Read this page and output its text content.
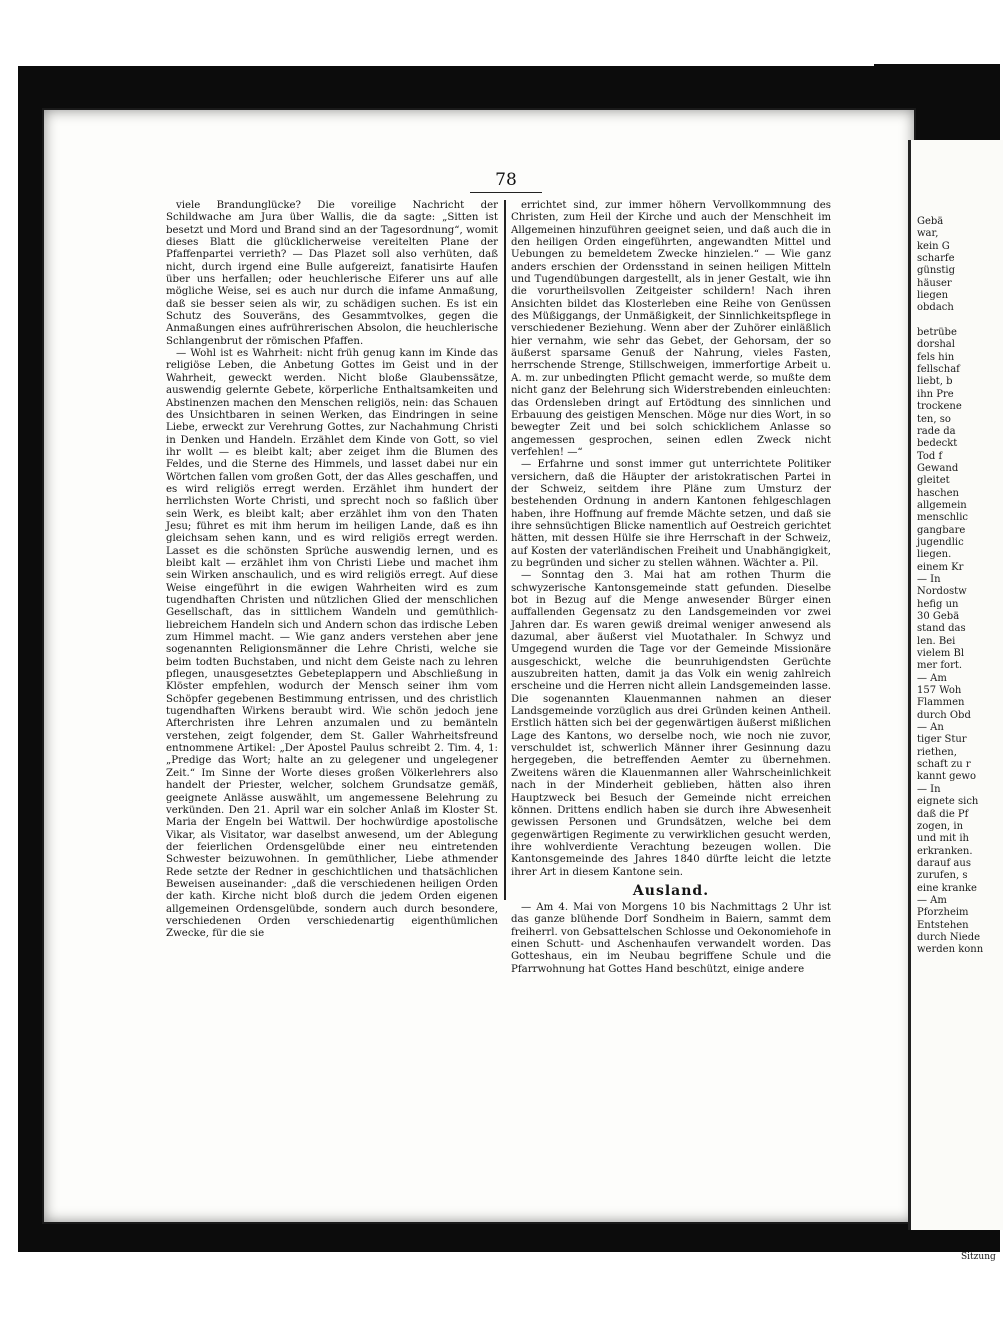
78

viele Brandunglücke? Die voreilige Nachricht der Schildwache am Jura über Wallis, die da sagte: „Sitten ist besetzt und Mord und Brand sind an der Tagesordnung“, womit dieses Blatt die glücklicherweise vereitelten Plane der Pfaffenpartei verrieth? — Das Plazet soll also verhüten, daß nicht, durch irgend eine Bulle aufgereizt, fanatisirte Haufen über uns herfallen; oder heuchlerische Eiferer uns auf alle mögliche Weise, sei es auch nur durch die infame Anmaßung, daß sie besser seien als wir, zu schädigen suchen. Es ist ein Schutz des Souveräns, des Gesammtvolkes, gegen die Anmaßungen eines aufrührerischen Absolon, die heuchlerische Schlangenbrut der römischen Pfaffen.

— Wohl ist es Wahrheit: nicht früh genug kann im Kinde das religiöse Leben, die Anbetung Gottes im Geist und in der Wahrheit, geweckt werden. Nicht bloße Glaubenssätze, auswendig gelernte Gebete, körperliche Enthaltsamkeiten und Abstinenzen machen den Menschen religiös, nein: das Schauen des Unsichtbaren in seinen Werken, das Eindringen in seine Liebe, erweckt zur Verehrung Gottes, zur Nachahmung Christi in Denken und Handeln. Erzählet dem Kinde von Gott, so viel ihr wollt — es bleibt kalt; aber zeiget ihm die Blumen des Feldes, und die Sterne des Himmels, und lasset dabei nur ein Wörtchen fallen vom großen Gott, der das Alles geschaffen, und es wird religiös erregt werden. Erzählet ihm hundert der herrlichsten Worte Christi, und sprecht noch so faßlich über sein Werk, es bleibt kalt; aber erzählet ihm von den Thaten Jesu; führet es mit ihm herum im heiligen Lande, daß es ihn gleichsam sehen kann, und es wird religiös erregt werden. Lasset es die schönsten Sprüche auswendig lernen, und es bleibt kalt — erzählet ihm von Christi Liebe und machet ihm sein Wirken anschaulich, und es wird religiös erregt. Auf diese Weise eingeführt in die ewigen Wahrheiten wird es zum tugendhaften Christen und nützlichen Glied der menschlichen Gesellschaft, das in sittlichem Wandeln und gemüthlich-liebreichem Handeln sich und Andern schon das irdische Leben zum Himmel macht. — Wie ganz anders verstehen aber jene sogenannten Religionsmänner die Lehre Christi, welche sie beim todten Buchstaben, und nicht dem Geiste nach zu lehren pflegen, unausgesetztes Gebeteplappern und Abschließung in Klöster empfehlen, wodurch der Mensch seiner ihm vom Schöpfer gegebenen Bestimmung entrissen, und des christlich tugendhaften Wirkens beraubt wird. Wie schön jedoch jene Afterchristen ihre Lehren anzumalen und zu bemänteln verstehen, zeigt folgender, dem St. Galler Wahrheitsfreund entnommene Artikel: „Der Apostel Paulus schreibt 2. Tim. 4, 1: „Predige das Wort; halte an zu gelegener und ungelegener Zeit.“ Im Sinne der Worte dieses großen Völkerlehrers also handelt der Priester, welcher, solchem Grundsatze gemäß, geeignete Anlässe auswählt, um angemessene Belehrung zu verkünden. Den 21. April war ein solcher Anlaß im Kloster St. Maria der Engeln bei Wattwil. Der hochwürdige apostolische Vikar, als Visitator, war daselbst anwesend, um der Ablegung der feierlichen Ordensgelübde einer neu eintretenden Schwester beizuwohnen. In gemüthlicher, Liebe athmender Rede setzte der Redner in geschichtlichen und thatsächlichen Beweisen auseinander: „daß die verschiedenen heiligen Orden der kath. Kirche nicht bloß durch die jedem Orden eigenen allgemeinen Ordensgelübde, sondern auch durch besondere, verschiedenen Orden verschiedenartig eigenthümlichen Zwecke, für die sie

errichtet sind, zur immer höhern Vervollkommnung des Christen, zum Heil der Kirche und auch der Menschheit im Allgemeinen hinzuführen geeignet seien, und daß auch die in den heiligen Orden eingeführten, angewandten Mittel und Uebungen zu bemeldetem Zwecke hinzielen.“ — Wie ganz anders erschien der Ordensstand in seinen heiligen Mitteln und Tugendübungen dargestellt, als in jener Gestalt, wie ihn die vorurtheilsvollen Zeitgeister schildern! Nach ihren Ansichten bildet das Klosterleben eine Reihe von Genüssen des Müßiggangs, der Unmäßigkeit, der Sinnlichkeitspflege in verschiedener Beziehung. Wenn aber der Zuhörer einläßlich hier vernahm, wie sehr das Gebet, der Gehorsam, der so äußerst sparsame Genuß der Nahrung, vieles Fasten, herrschende Strenge, Stillschweigen, immerfortige Arbeit u. A. m. zur unbedingten Pflicht gemacht werde, so mußte dem nicht ganz der Belehrung sich Widerstrebenden einleuchten: das Ordensleben dringt auf Ertödtung des sinnlichen und Erbauung des geistigen Menschen. Möge nur dies Wort, in so bewegter Zeit und bei solch schicklichem Anlasse so angemessen gesprochen, seinen edlen Zweck nicht verfehlen! —“

— Erfahrne und sonst immer gut unterrichtete Politiker versichern, daß die Häupter der aristokratischen Partei in der Schweiz, seitdem ihre Pläne zum Umsturz der bestehenden Ordnung in andern Kantonen fehlgeschlagen haben, ihre Hoffnung auf fremde Mächte setzen, und daß sie ihre sehnsüchtigen Blicke namentlich auf Oestreich gerichtet hätten, mit dessen Hülfe sie ihre Herrschaft in der Schweiz, auf Kosten der vaterländischen Freiheit und Unabhängigkeit, zu begründen und sicher zu stellen wähnen. Wächter a. Pil.

— Sonntag den 3. Mai hat am rothen Thurm die schwyzerische Kantonsgemeinde statt gefunden. Dieselbe bot in Bezug auf die Menge anwesender Bürger einen auffallenden Gegensatz zu den Landsgemeinden vor zwei Jahren dar. Es waren gewiß dreimal weniger anwesend als dazumal, aber äußerst viel Muotathaler. In Schwyz und Umgegend wurden die Tage vor der Gemeinde Missionäre ausgeschickt, welche die beunruhigendsten Gerüchte auszubreiten hatten, damit ja das Volk ein wenig zahlreich erscheine und die Herren nicht allein Landsgemeinden lasse. Die sogenannten Klauenmannen nahmen an dieser Landsgemeinde vorzüglich aus drei Gründen keinen Antheil. Erstlich hätten sich bei der gegenwärtigen äußerst mißlichen Lage des Kantons, wo derselbe noch, wie noch nie zuvor, verschuldet ist, schwerlich Männer ihrer Gesinnung dazu hergegeben, die betreffenden Aemter zu übernehmen. Zweitens wären die Klauenmannen aller Wahrscheinlichkeit nach in der Minderheit geblieben, hätten also ihren Hauptzweck bei Besuch der Gemeinde nicht erreichen können. Drittens endlich haben sie durch ihre Abwesenheit gewissen Personen und Grundsätzen, welche bei dem gegenwärtigen Regimente zu verwirklichen gesucht werden, ihre wohlverdiente Verachtung bezeugen wollen. Die Kantonsgemeinde des Jahres 1840 dürfte leicht die letzte ihrer Art in diesem Kantone sein.

Ausland.

— Am 4. Mai von Morgens 10 bis Nachmittags 2 Uhr ist das ganze blühende Dorf Sondheim in Baiern, sammt dem freiherrl. von Gebsattelschen Schlosse und Oekonomiehofe in einen Schutt- und Aschenhaufen verwandelt worden. Das Gotteshaus, ein im Neubau begriffene Schule und die Pfarrwohnung hat Gottes Hand beschützt, einige andere

Gebä
war,
kein G
scharfe
günstig
häuser
liegen
obdach
betrübe
dorshal
fels hin
fellschaf
liebt, b
ihn Pre
trockene
ten, so
rade da
bedeckt
Tod f
Gewand
gleitet
haschen
allgemein
menschlic
gangbare
jugendlic
liegen.
einem Kr
— In
Nordostw
hefig un
30 Gebä
stand das
len. Bei
vielem Bl
mer fort.
— Am
157 Woh
Flammen
durch Obd
— An
tiger Stur
riethen,
schaft zu r
kannt gewo
— In
eignete sich
daß die Pf
zogen, in
und mit ih
erkranken.
darauf aus
zurufen, s
eine kranke
— Am
Pforzheim
Entstehen
durch Niede
werden konn
Sitzung
